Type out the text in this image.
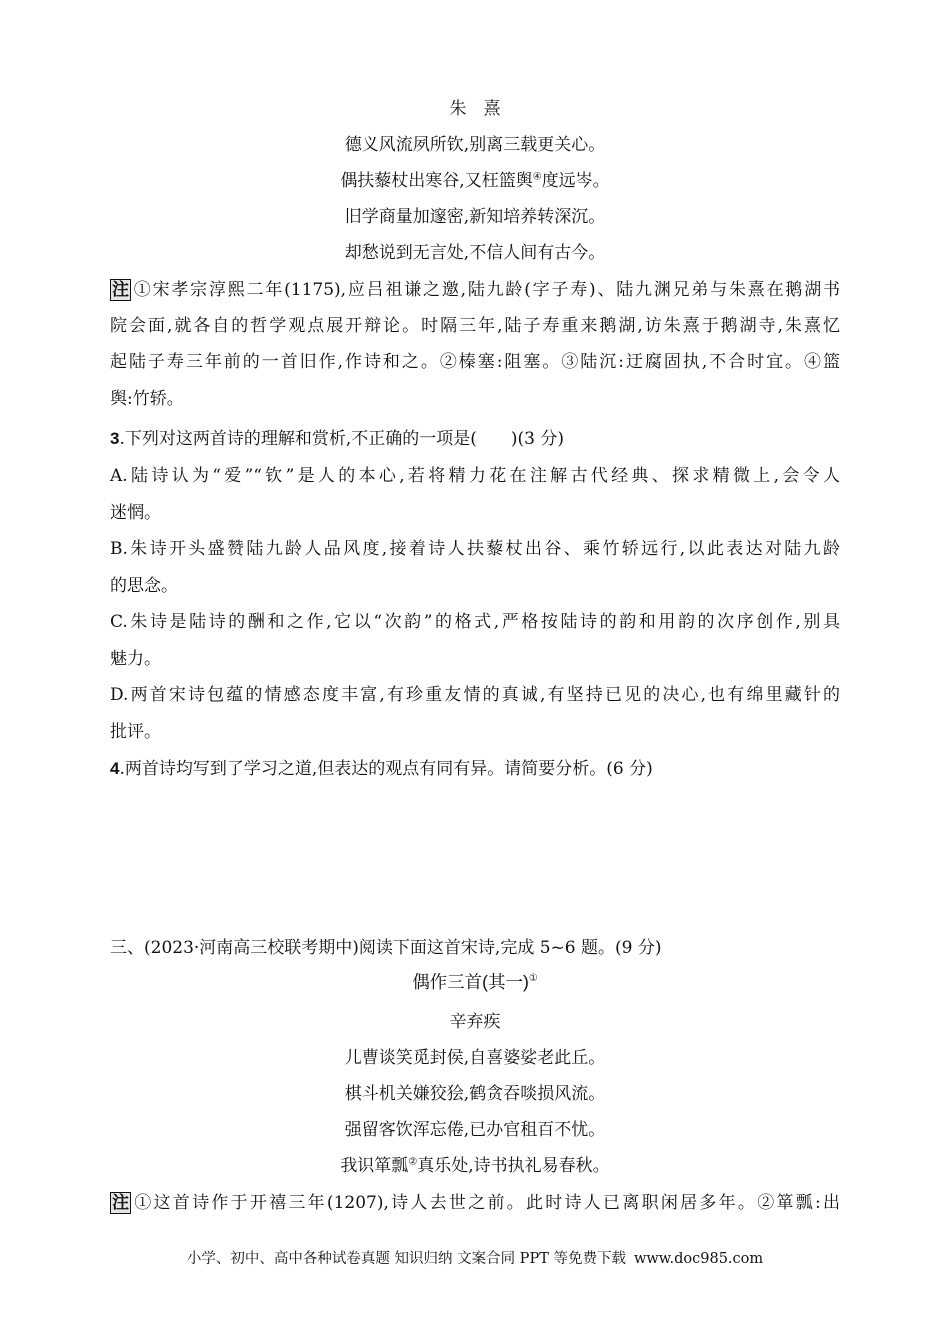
朱　熹
德义风流夙所钦,别离三载更关心。
偶扶藜杖出寒谷,又枉篮舆④度远岑。
旧学商量加邃密,新知培养转深沉。
却愁说到无言处,不信人间有古今。
注 ①宋孝宗淳熙二年(1175),应吕祖谦之邀,陆九龄(字子寿)、陆九渊兄弟与朱熹在鹅湖书
院会面,就各自的哲学观点展开辩论。时隔三年,陆子寿重来鹅湖,访朱熹于鹅湖寺,朱熹忆
起陆子寿三年前的一首旧作,作诗和之。②榛塞:阻塞。③陆沉:迂腐固执,不合时宜。④篮
舆:竹轿。
3.下列对这两首诗的理解和赏析,不正确的一项是(　　)(3 分)
A.陆诗认为“爱”“钦”是人的本心,若将精力花在注解古代经典、探求精微上,会令人
迷惘。
B.朱诗开头盛赞陆九龄人品风度,接着诗人扶藜杖出谷、乘竹轿远行,以此表达对陆九龄
的思念。
C.朱诗是陆诗的酬和之作,它以“次韵”的格式,严格按陆诗的韵和用韵的次序创作,别具
魅力。
D.两首宋诗包蕴的情感态度丰富,有珍重友情的真诚,有坚持已见的决心,也有绵里藏针的
批评。
4.两首诗均写到了学习之道,但表达的观点有同有异。请简要分析。(6 分)
三、(2023·河南高三校联考期中)阅读下面这首宋诗,完成 5~6 题。(9 分)
偶作三首(其一)①
辛弃疾
儿曹谈笑觅封侯,自喜婆娑老此丘。
棋斗机关嫌狡狯,鹤贪吞啖损风流。
强留客饮浑忘倦,已办官租百不忧。
我识箪瓢②真乐处,诗书执礼易春秋。
注 ①这首诗作于开禧三年(1207),诗人去世之前。此时诗人已离职闲居多年。②箪瓢:出
小学、初中、高中各种试卷真题 知识归纳 文案合同 PPT 等免费下载 www.doc985.com
